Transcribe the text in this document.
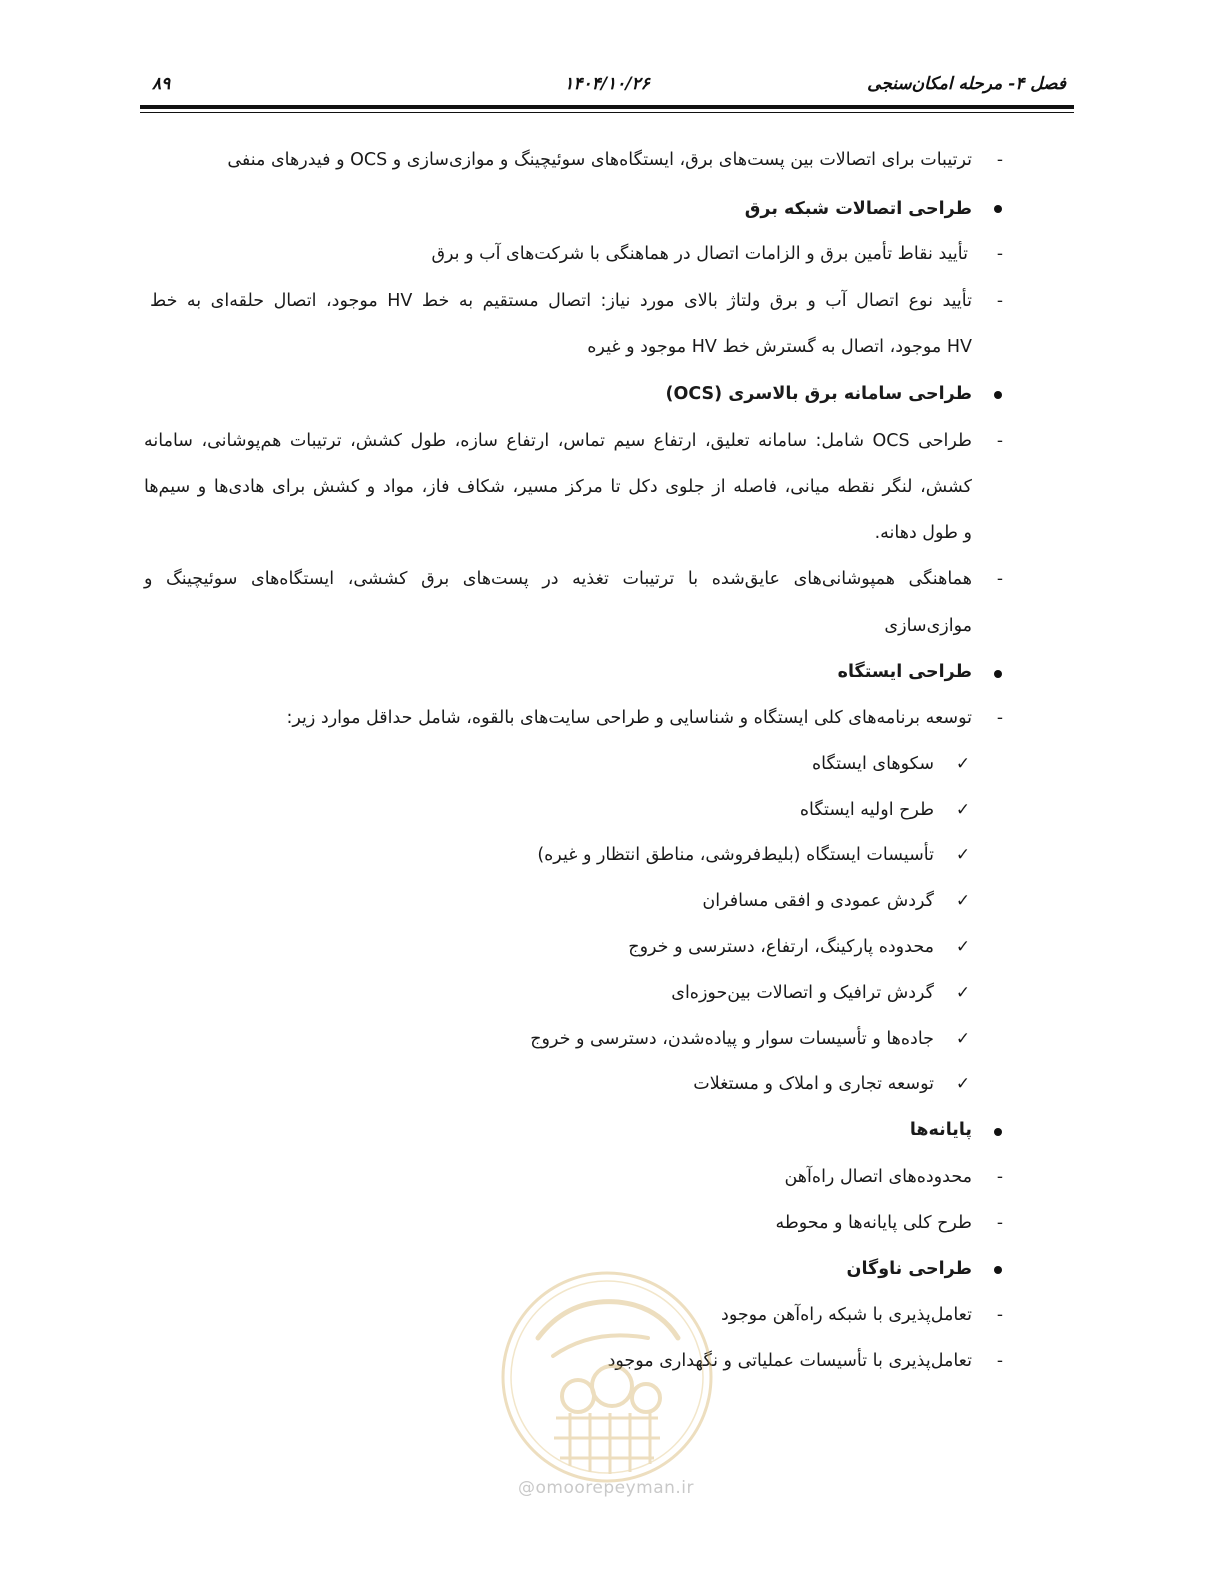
فصل ۴- مرحله امکان‌سنجی
۱۴۰۴/۱۰/۲۶
۸۹
-
ترتیبات برای اتصالات بین پست‌های برق، ایستگاه‌های سوئیچینگ و موازی‌سازی و OCS و فیدرهای منفی
طراحی اتصالات شبکه برق
-
تأیید نقاط تأمین برق و الزامات اتصال در هماهنگی با شرکت‌های آب و برق
-
تأیید نوع اتصال آب و برق ولتاژ بالای مورد نیاز: اتصال مستقیم به خط HV موجود، اتصال حلقه‌ای به خط
HV موجود، اتصال به گسترش خط HV موجود و غیره
طراحی سامانه برق بالاسری (OCS)
-
طراحی OCS شامل: سامانه تعلیق، ارتفاع سیم تماس، ارتفاع سازه، طول کشش، ترتیبات هم‌پوشانی، سامانه
کشش، لنگر نقطه میانی، فاصله از جلوی دکل تا مرکز مسیر، شکاف فاز، مواد و کشش برای هادی‌ها و سیم‌ها
و طول دهانه.
-
هماهنگی همپوشانی‌های عایق‌شده با ترتیبات تغذیه در پست‌های برق کششی، ایستگاه‌های سوئیچینگ و
موازی‌سازی
طراحی ایستگاه
-
توسعه برنامه‌های کلی ایستگاه و شناسایی و طراحی سایت‌های بالقوه، شامل حداقل موارد زیر:
✓
سکوهای ایستگاه
✓
طرح اولیه ایستگاه
✓
تأسیسات ایستگاه (بلیط‌فروشی، مناطق انتظار و غیره)
✓
گردش عمودی و افقی مسافران
✓
محدوده پارکینگ، ارتفاع، دسترسی و خروج
✓
گردش ترافیک و اتصالات بین‌حوزه‌ای
✓
جاده‌ها و تأسیسات سوار و پیاده‌شدن، دسترسی و خروج
✓
توسعه تجاری و املاک و مستغلات
پایانه‌ها
-
محدوده‌های اتصال راه‌آهن
-
طرح کلی پایانه‌ها و محوطه
طراحی ناوگان
-
تعامل‌پذیری با شبکه راه‌آهن موجود
-
تعامل‌پذیری با تأسیسات عملیاتی و نگهداری موجود
@omoorepeyman.ir
